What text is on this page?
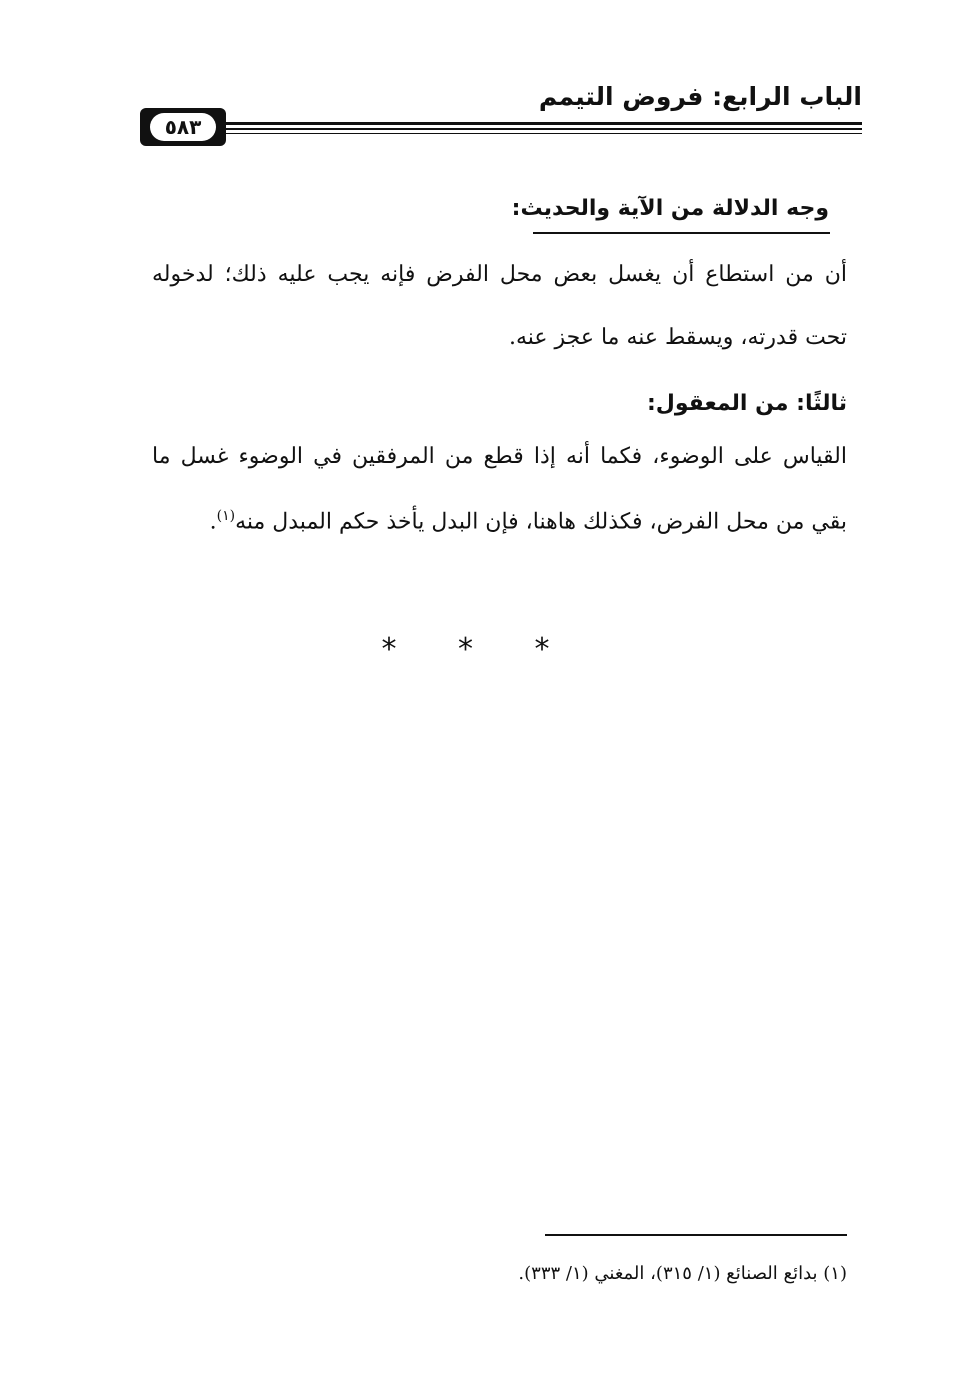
الباب الرابع: فروض التيمم
٥٨٣
وجه الدلالة من الآية والحديث:
أن من استطاع أن يغسل بعض محل الفرض فإنه يجب عليه ذلك؛ لدخوله
تحت قدرته، ويسقط عنه ما عجز عنه.
ثالثًا: من المعقول:
القياس على الوضوء، فكما أنه إذا قطع من المرفقين في الوضوء غسل ما
بقي من محل الفرض، فكذلك هاهنا، فإن البدل يأخذ حكم المبدل منه$^{(١)}$.
* * *
(١) بدائع الصنائع (١/ ٣١٥)، المغني (١/ ٣٣٣).
